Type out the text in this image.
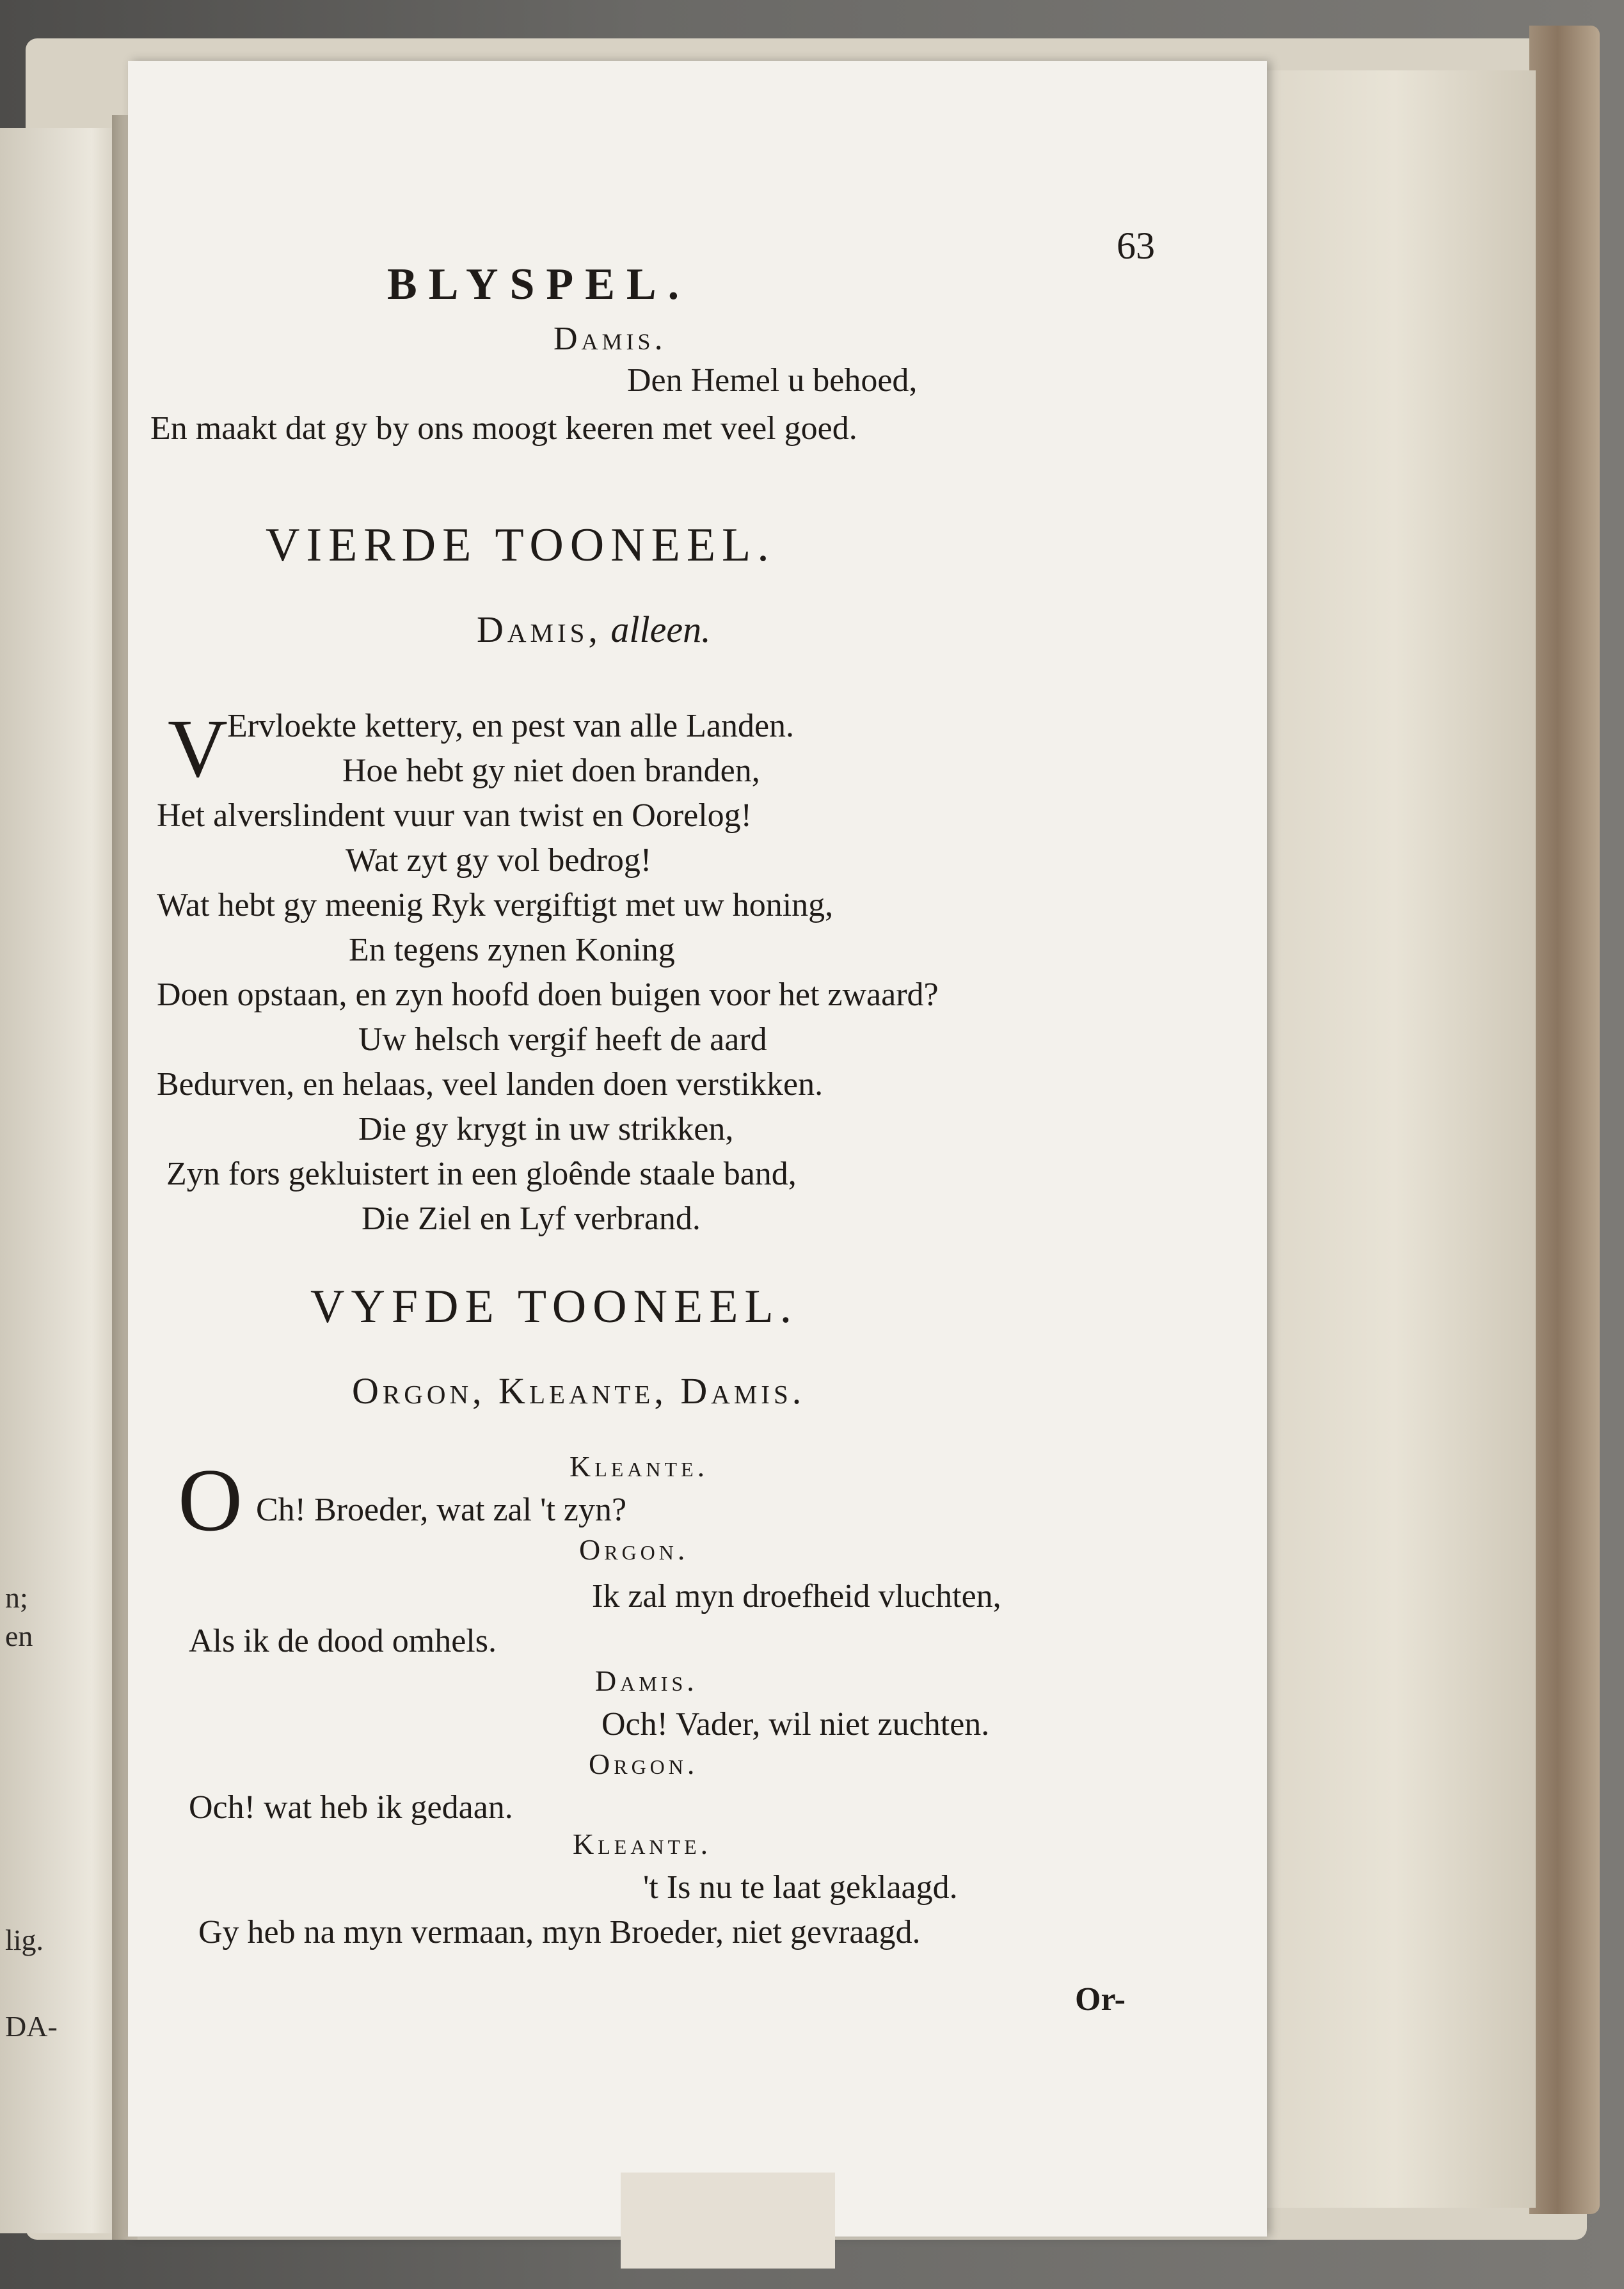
n;
en
lig.
DA-
BLYSPEL.
63
Damis.
Den Hemel u behoed,
En maakt dat gy by ons moogt keeren met veel goed.
VIERDE TOONEEL.
Damis, alleen.
V Ervloekte kettery, en pest van alle Landen.
Hoe hebt gy niet doen branden,
Het alverslindent vuur van twist en Oorelog!
Wat zyt gy vol bedrog!
Wat hebt gy meenig Ryk vergiftigt met uw honing,
En tegens zynen Koning
Doen opstaan, en zyn hoofd doen buigen voor het zwaard?
Uw helsch vergif heeft de aard
Bedurven, en helaas, veel landen doen verstikken.
Die gy krygt in uw strikken,
Zyn fors gekluistert in een gloênde staale band,
Die Ziel en Lyf verbrand.
VYFDE TOONEEL.
Orgon, Kleante, Damis.
Kleante.
O Ch! Broeder, wat zal 't zyn?
Orgon.
Ik zal myn droefheid vluchten,
Als ik de dood omhels.
Damis.
Och! Vader, wil niet zuchten.
Orgon.
Och! wat heb ik gedaan.
Kleante.
't Is nu te laat geklaagd.
Gy heb na myn vermaan, myn Broeder, niet gevraagd.
Or-
